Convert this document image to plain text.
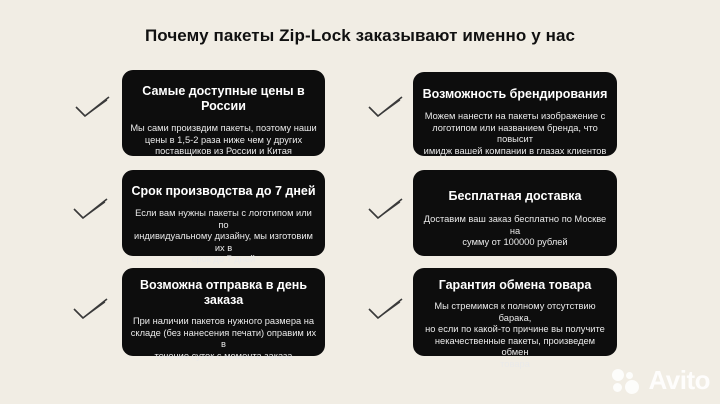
Почему пакеты Zip-Lock заказывают именно у нас
Самые доступные цены в России
Мы сами произвдим пакеты, поэтому наши
цены в 1,5-2 раза ниже чем у других
поставщиков из России и Китая
Срок производства до 7 дней
Если вам нужны пакеты с логотипом или по
индивидуальному дизайну, мы изготовим их в
срок до 7 дней
Возможна отправка в день
заказа
При наличии пакетов нужного размера на
складе (без нанесения печати) оправим их в
течение суток с момента заказа
Возможность брендирования
Можем нанести на пакеты изображение с
логотипом или названием бренда, что повысит
имидж вашей компании в глазах клиентов
Бесплатная доставка
Доставим ваш заказ бесплатно по Москве на
сумму от 100000 рублей
Гарантия обмена товара
Мы стремимся к полному отсутствию барака,
но если по какой-то причине вы получите
некачественные пакеты, произведем обмен
товара
Avito
